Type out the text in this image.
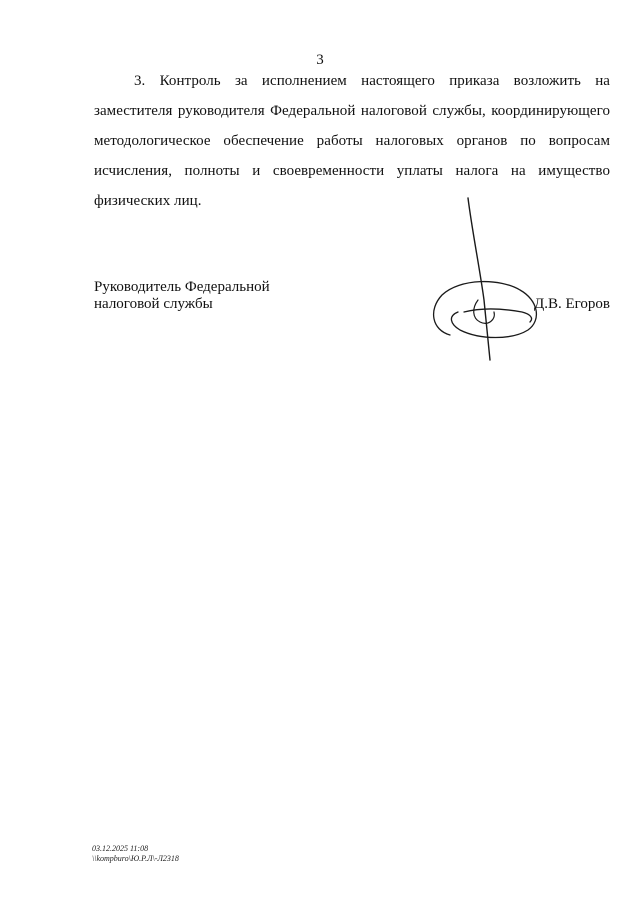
3

3. Контроль за исполнением настоящего приказа возложить на заместителя руководителя Федеральной налоговой службы, координирующего методологическое обеспечение работы налоговых органов по вопросам исчисления, полноты и своевременности уплаты налога на имущество физических лиц.

Руководитель Федеральной
налоговой службы	Д.В. Егоров
03.12.2025 11:08
\\kompburo\Ю.Р.Л\-Л2318
